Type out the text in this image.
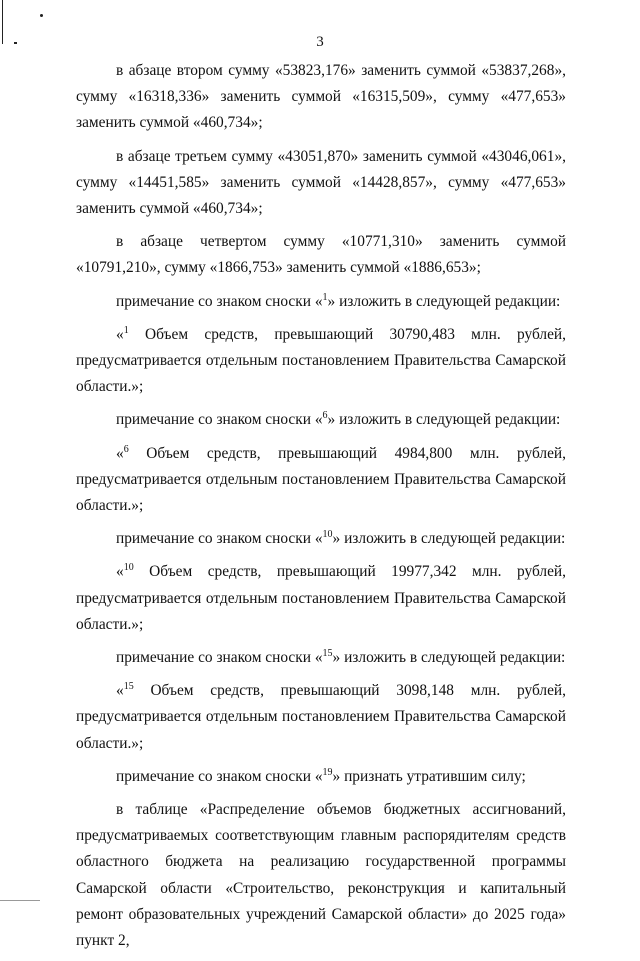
3

в абзаце втором сумму «53823,176» заменить суммой «53837,268», сумму «16318,336» заменить суммой «16315,509», сумму «477,653» заменить суммой «460,734»;

в абзаце третьем сумму «43051,870» заменить суммой «43046,061», сумму «14451,585» заменить суммой «14428,857», сумму «477,653» заменить суммой «460,734»;

в абзаце четвертом сумму «10771,310» заменить суммой «10791,210», сумму «1866,753» заменить суммой «1886,653»;

примечание со знаком сноски «$^1$» изложить в следующей редакции:

«$^1$ Объем средств, превышающий 30790,483 млн. рублей, предусматривается отдельным постановлением Правительства Самарской области.»;

примечание со знаком сноски «$^6$» изложить в следующей редакции:

«$^6$ Объем средств, превышающий 4984,800 млн. рублей, предусматривается отдельным постановлением Правительства Самарской области.»;

примечание со знаком сноски «$^{10}$» изложить в следующей редакции:

«$^{10}$ Объем средств, превышающий 19977,342 млн. рублей, предусматривается отдельным постановлением Правительства Самарской области.»;

примечание со знаком сноски «$^{15}$» изложить в следующей редакции:

«$^{15}$ Объем средств, превышающий 3098,148 млн. рублей, предусматривается отдельным постановлением Правительства Самарской области.»;

примечание со знаком сноски «$^{19}$» признать утратившим силу;

в таблице «Распределение объемов бюджетных ассигнований, предусматриваемых соответствующим главным распорядителям средств областного бюджета на реализацию государственной программы Самарской области «Строительство, реконструкция и капитальный ремонт образовательных учреждений Самарской области» до 2025 года» пункт 2,
